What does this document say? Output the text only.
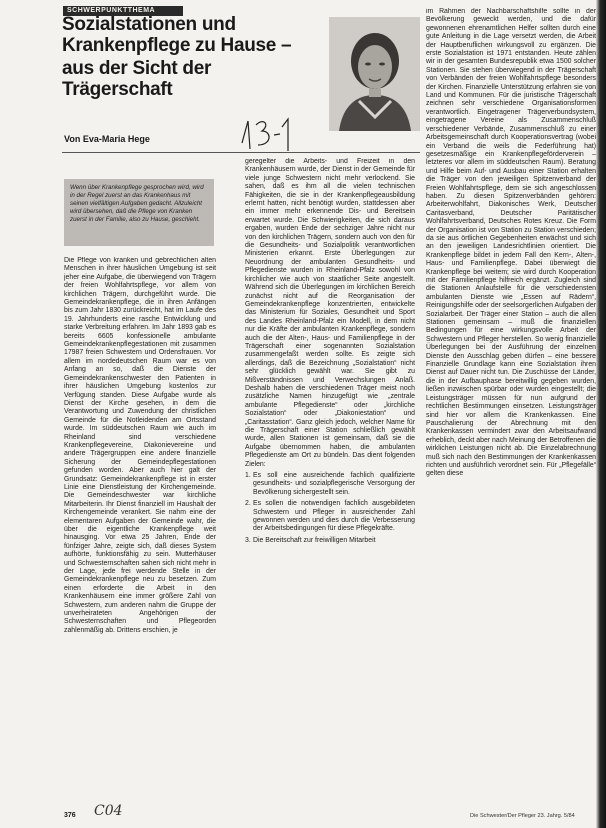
SCHWERPUNKTTHEMA
Sozialstationen und
Krankenpflege zu Hause –
aus der Sicht der
Trägerschaft
Von Eva-Maria Hege
Wenn über Krankenpflege gesprochen wird, wird in der Regel zuerst an das Krankenhaus mit seinen vielfältigen Aufgaben gedacht. Allzuleicht wird übersehen, daß die Pflege von Kranken zuerst in der Familie, also zu Hause, geschieht.

Die Pflege von kranken und gebrechlichen alten Menschen in ihrer häuslichen Umgebung ist seit jeher eine Aufgabe, die überwiegend von Trägern der freien Wohlfahrtspflege, vor allem von kirchlichen Trägern, durchgeführt wurde. Die Gemeindekrankenpflege, die in ihren Anfängen bis zum Jahr 1830 zurückreicht, hat im Laufe des 19. Jahrhunderts eine rasche Entwicklung und starke Verbreitung erfahren. Im Jahr 1893 gab es bereits 6605 konfessionelle ambulante Gemeindekrankenpflegestationen mit zusammen 17987 freien Schwestern und Ordensfrauen. Vor allem im nordedeutschen Raum war es von Anfang an so, daß die Dienste der Gemeindekrankenschwester den Patienten in ihrer häuslichen Umgebung kostenlos zur Verfügung standen. Diese Aufgabe wurde als Dienst der Kirche gesehen, in dem die Verantwortung und Zuwendung der christlichen Gemeinde für die Notleidenden am Ortsstand wurde. Im süddeutschen Raum wie auch im Rheinland sind verschiedene Krankenpflegevereine, Diakonievereine und andere Trägergruppen eine andere finanzielle Sicherung der Gemeindepflegestationen gefunden worden. Aber auch hier galt der Grundsatz: Gemeindekrankenpflege ist in erster Linie eine Dienstleistung der Kirchengemeinde. Die Gemeindeschwester war kirchliche Mitarbeiterin. Ihr Dienst finanziell im Haushalt der Kirchengemeinde verankert. Sie nahm eine der elementaren Aufgaben der Gemeinde wahr, die über die eigentliche Krankenpflege weit hinausging. Vor etwa 25 Jahren, Ende der fünfziger Jahre, zeigte sich, daß dieses System aufhörte, funktionsfähig zu sein. Mutterhäuser und Schwesternschaften sahen sich nicht mehr in der Lage, jede frei werdende Stelle in der Gemeindekrankenpflege neu zu besetzen. Zum einen erforderte die Arbeit in den Krankenhäusern eine immer größere Zahl von Schwestern, zum anderen nahm die Gruppe der unverheirateten Angehörigen der Schwesternschaften und Pflegeorden zahlenmäßig ab. Drittens erschien, je

geregelter die Arbeits- und Freizeit in den Krankenhäusern wurde, der Dienst in der Gemeinde für viele junge Schwestern nicht mehr verlockend. Sie sahen, daß es ihm all die vielen technischen Fähigkeiten, die sie in der Krankenpflegeausbildung erlernt hatten, nicht benötigt wurden, stattdessen aber ein immer mehr erkennende Dis- und Bereitsein erwartet wurde. Die Schwierigkeiten, die sich daraus ergaben, wurden Ende der sechziger Jahre nicht nur von den kirchlichen Trägern, sondern auch von den für die Gesundheits- und Sozialpolitik verantwortlichen Ministerien erkannt. Erste Überlegungen zur Neuordnung der ambulanten Gesundheits- und Pflegedienste wurden in Rheinland-Pfalz sowohl von kirchlicher wie auch von staatlicher Seite angestellt. Während sich die Überlegungen im kirchlichen Bereich zunächst nicht auf die Reorganisation der Gemeindekrankenpflege konzentrierten, entwickelte das Ministerium für Soziales, Gesundheit und Sport des Landes Rheinland-Pfalz ein Modell, in dem nicht nur die Kräfte der ambulanten Krankenpflege, sondern auch die der Alten-, Haus- und Familienpflege in der Trägerschaft einer sogenannten Sozialstation zusammengefaßt werden sollte. Es zeigte sich allerdings, daß die Bezeichnung „Sozialstation“ nicht sehr glücklich gewählt war. Sie gibt zu Mißverständnissen und Verwechslungen Anlaß. Deshalb haben die verschiedenen Träger meist noch zusätzliche Namen hinzugefügt wie „zentrale ambulante Pflegedienste“ oder „kirchliche Sozialstation“ oder „Diakoniestation“ und „Caritasstation“. Ganz gleich jedoch, welcher Name für die Trägerschaft einer Station schließlich gewählt wurde, allen Stationen ist gemeinsam, daß sie die Aufgabe übernommen haben, die ambulanten Pflegedienste am Ort zu bündeln. Das dient folgenden Zielen:

1. Es soll eine ausreichende fachlich qualifizierte gesundheits- und sozialpflegerische Versorgung der Bevölkerung sichergestellt sein.
2. Es sollen die notwendigen fachlich ausgebildeten Schwestern und Pfleger in ausreichender Zahl gewonnen werden und dies durch die Verbesserung der Arbeitsbedingungen für diese Pflegekräfte.
3. Die Bereitschaft zur freiwilligen Mitarbeit

im Rahmen der Nachbarschaftshilfe sollte in der Bevölkerung geweckt werden, und die dafür gewonnenen ehrenamtlichen Helfer sollten durch eine gute Anleitung in die Lage versetzt werden, die Arbeit der Hauptberuflichen wirkungsvoll zu ergänzen. Die erste Sozialstation ist 1971 entstanden. Heute zählen wir in der gesamten Bundesrepublik etwa 1500 solcher Stationen. Sie stehen überwiegend in der Trägerschaft von Verbänden der freien Wohlfahrtspflege besonders der Kirchen. Finanzielle Unterstützung erfahren sie von Land und Kommunen. Für die juristische Trägerschaft zeichnen sehr verschiedene Organisationsformen verantwortlich. Eingetragener Trägerverbundsystem, eingetragene Vereine als Zusammenschluß verschiedener Verbände, Zusammenschluß zu einer Arbeitsgemeinschaft durch Kooperationsvertrag (wobei ein Verband die weils die Federführung hat) gesetzesmäßige ein Krankenpflegeförderverein – letzteres vor allem im süddeutschen Raum). Beratung und Hilfe beim Auf- und Ausbau einer Station erhalten die Träger von den jeweiligen Spitzenverband der Freien Wohlfahrtspflege, dem sie sich angeschlossen haben. Zu diesen Spitzenverbänden gehören: Arbeiterwohlfahrt, Diakonisches Werk, Deutscher Caritasverband, Deutscher Paritätischer Wohlfahrtsverband, Deutsches Rotes Kreuz. Die Form der Organisation ist von Station zu Station verschieden; da sie aus örtlichen Gegebenheiten erwächst und sich an den jeweiligen Landesrichtlinien orientiert. Die Krankenpflege bildet in jedem Fall den Kern-, Alten-, Haus- und Familienpflege. Dabei überwiegt die Krankenpflege bei weitem; sie wird durch Kooperation mit der Familienpflege hilfreich ergänzt. Zugleich sind die Stationen Anlaufstelle für die verschiedensten ambulanten Dienste wie „Essen auf Rädern“, Reinigungshilfe oder der seelsorgerlichen Aufgaben der Sozialarbeit. Der Träger einer Station – auch die allen Stationen gemeinsam – muß die finanziellen Bedingungen für eine wirkungsvolle Arbeit der Schwestern und Pfleger herstellen. So wenig finanzielle Überlegungen bei der Ausführung der einzelnen Dienste den Ausschlag geben dürfen – eine bessere Finanzielle Grundlage kann eine Sozialstation ihren Dienst auf Dauer nicht tun. Die Zuschüsse der Länder, die in der Aufbauphase bereitwillig gegeben wurden, ließen inzwischen spürbar oder wurden eingestellt; die Leistungsträger müssen für nun aufgrund der rechtlichen Bestimmungen einsetzen. Leistungsträger sind hier vor allem die Krankenkassen. Eine Pauschalierung der Abrechnung mit den Krankenkassen vermindert zwar den Arbeitsaufwand erheblich, deckt aber nach Meinung der Betroffenen die wirklichen Leistungen nicht ab. Die Einzelabrechnung muß sich nach den Bestimmungen der Krankenkassen richten und ausführlich verordnet sein. Für „Pflegefälle“ gelten diese

376 C04	Die Schwester/Der Pfleger 23. Jahrg. 5/84
